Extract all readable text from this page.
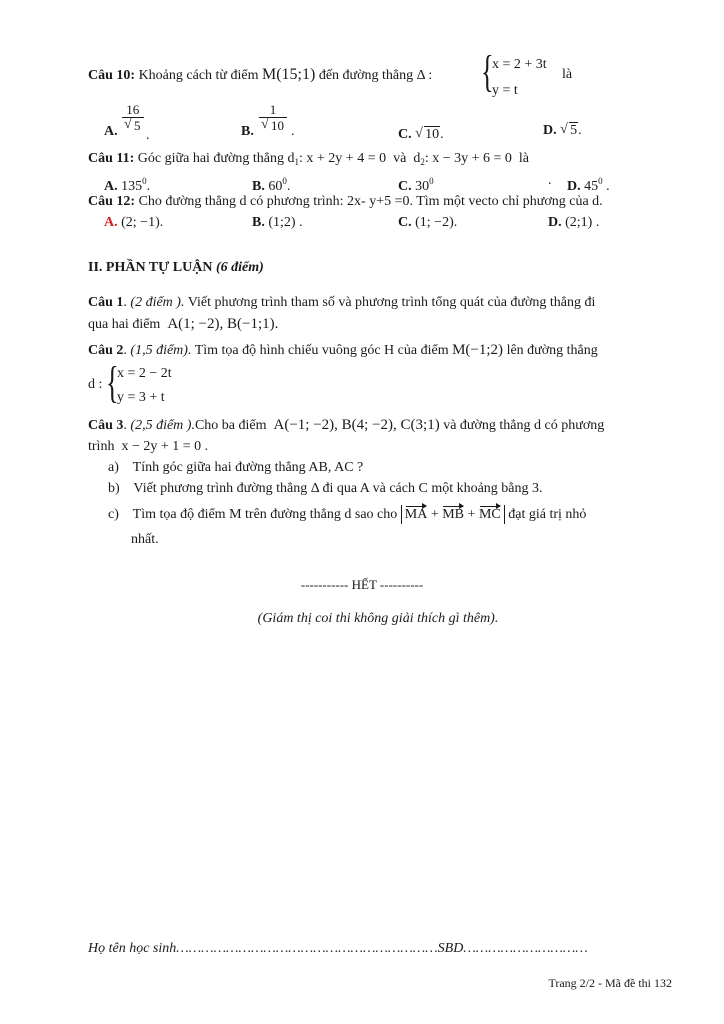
Câu 10: Khoảng cách từ điểm M(15;1) đến đường thẳng Δ : {
x = 2 + 3t
y = t
là
A. 16
√ 5
.	B. 1
√ 10 .	C. √ 10.	D. √ 5.
Câu 11: Góc giữa hai đường thẳng $d_1$: x + 2y + 4 = 0 và $d_2$: x − 3y + 6 = 0 là
A. $135^0$.	B. $60^0$.	C. $30^0$	. D. $45^0$ .
Câu 12: Cho đường thẳng d có phương trình: 2x- y+5 =0. Tìm một vecto chỉ phương của d.
A. (2; −1).	B. (1;2) .	C. (1; −2).	D. (2;1) .
II. PHẦN TỰ LUẬN (6 điểm)
Câu 1. (2 điểm ). Viết phương trình tham số và phương trình tổng quát của đường thẳng đi
qua hai điểm A(1; −2), B(−1;1).
Câu 2. (1,5 điểm). Tìm tọa độ hình chiếu vuông góc H của điểm M(−1;2) lên đường thẳng
d : {
x = 2 − 2t
y = 3 + t
Câu 3. (2,5 điểm ).Cho ba điểm A(−1; −2), B(4; −2), C(3;1) và đường thẳng d có phương
trình x − 2y + 1 = 0 .
a) Tính góc giữa hai đường thẳng AB, AC ?
b) Viết phương trình đường thẳng Δ đi qua A và cách C một khoảng bằng 3.
c) Tìm tọa độ điểm M trên đường thẳng d sao cho MA + MB + MC đạt giá trị nhỏ
nhất.
----------- HẾT ----------
(Giám thị coi thi không giải thích gì thêm).
Họ tên học sinh………………………………………………………SBD…………………………
Trang 2/2 - Mã đề thi 132
